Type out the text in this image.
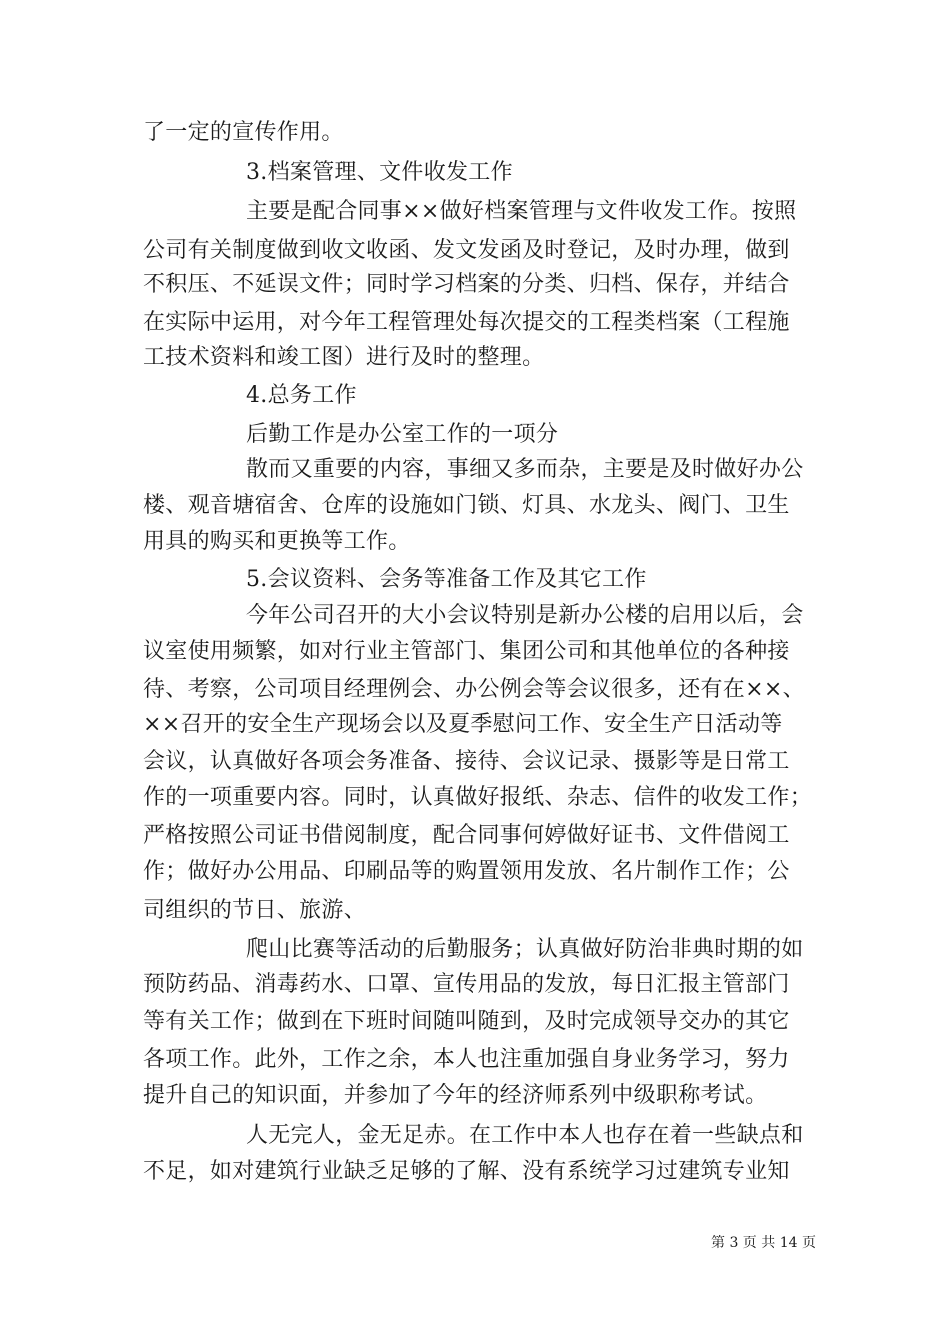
了一定的宣传作用。
3.档案管理、文件收发工作
主要是配合同事××做好档案管理与文件收发工作。按照
公司有关制度做到收文收函、发文发函及时登记，及时办理，做到
不积压、不延误文件；同时学习档案的分类、归档、保存，并结合
在实际中运用，对今年工程管理处每次提交的工程类档案（工程施
工技术资料和竣工图）进行及时的整理。
4.总务工作
后勤工作是办公室工作的一项分
散而又重要的内容，事细又多而杂，主要是及时做好办公
楼、观音塘宿舍、仓库的设施如门锁、灯具、水龙头、阀门、卫生
用具的购买和更换等工作。
5.会议资料、会务等准备工作及其它工作
今年公司召开的大小会议特别是新办公楼的启用以后，会
议室使用频繁，如对行业主管部门、集团公司和其他单位的各种接
待、考察，公司项目经理例会、办公例会等会议很多，还有在××、
××召开的安全生产现场会以及夏季慰问工作、安全生产日活动等
会议，认真做好各项会务准备、接待、会议记录、摄影等是日常工
作的一项重要内容。同时，认真做好报纸、杂志、信件的收发工作；
严格按照公司证书借阅制度，配合同事何婷做好证书、文件借阅工
作；做好办公用品、印刷品等的购置领用发放、名片制作工作；公
司组织的节日、旅游、
爬山比赛等活动的后勤服务；认真做好防治非典时期的如
预防药品、消毒药水、口罩、宣传用品的发放，每日汇报主管部门
等有关工作；做到在下班时间随叫随到，及时完成领导交办的其它
各项工作。此外，工作之余，本人也注重加强自身业务学习，努力
提升自己的知识面，并参加了今年的经济师系列中级职称考试。
人无完人，金无足赤。在工作中本人也存在着一些缺点和
不足，如对建筑行业缺乏足够的了解、没有系统学习过建筑专业知
第 3 页 共 14 页
